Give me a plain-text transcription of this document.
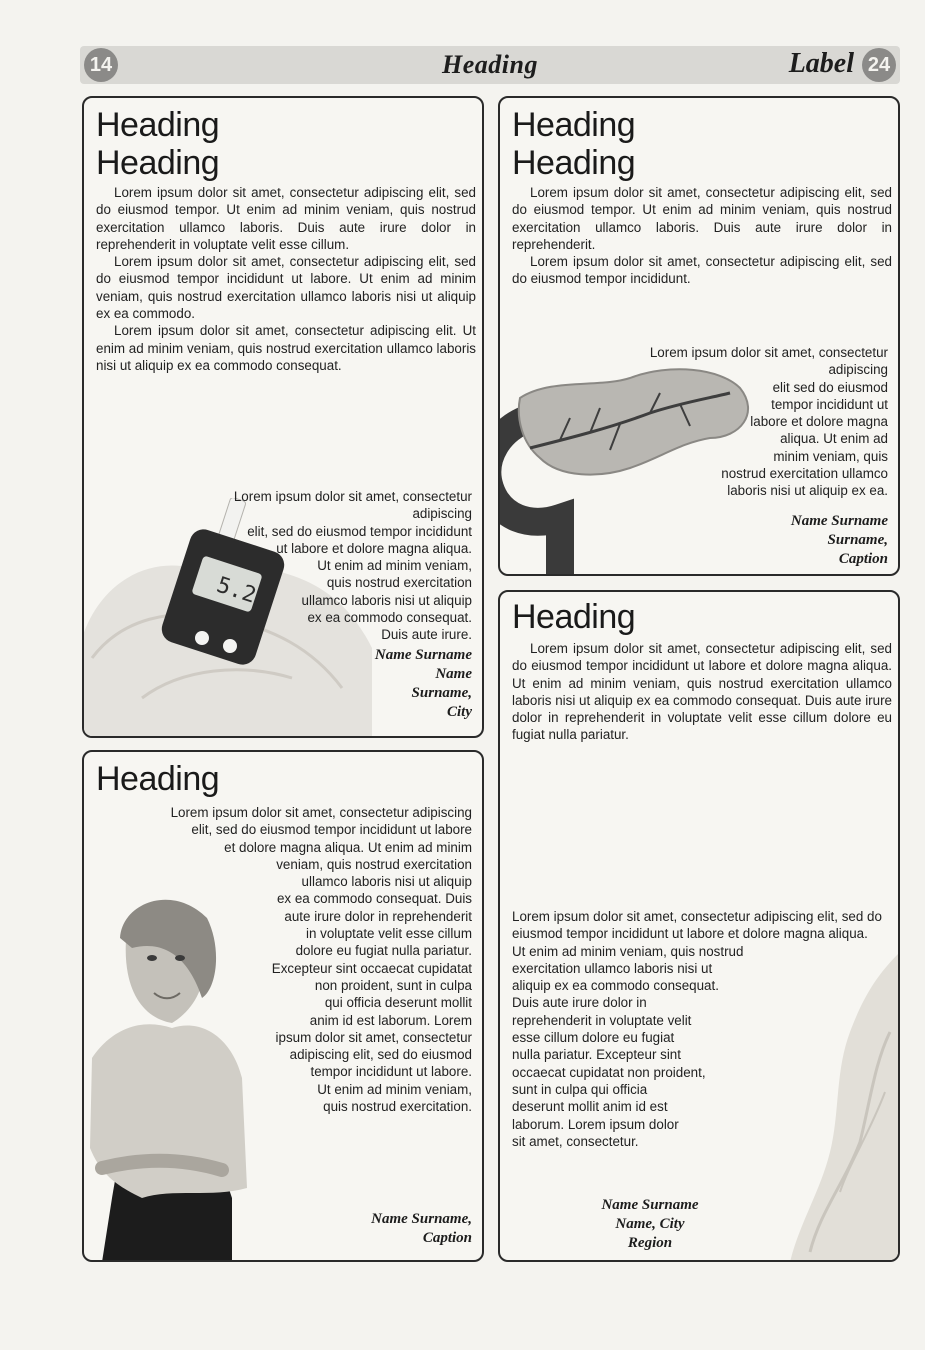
14	Heading	Label 24
5.2
Heading
Heading

Lorem ipsum dolor sit amet, consectetur adipiscing elit, sed do eiusmod tempor. Ut enim ad minim veniam, quis nostrud exercitation ullamco laboris. Duis aute irure dolor in reprehenderit in voluptate velit esse cillum.

Lorem ipsum dolor sit amet, consectetur adipiscing elit, sed do eiusmod tempor incididunt ut labore. Ut enim ad minim veniam, quis nostrud exercitation ullamco laboris nisi ut aliquip ex ea commodo.

Lorem ipsum dolor sit amet, consectetur adipiscing elit. Ut enim ad minim veniam, quis nostrud exercitation ullamco laboris nisi ut aliquip ex ea commodo consequat.

Lorem ipsum dolor sit amet, consectetur adipiscing

elit, sed do eiusmod tempor incididunt

ut labore et dolore magna aliqua.

Ut enim ad minim veniam,

quis nostrud exercitation

ullamco laboris nisi ut aliquip

ex ea commodo consequat.

Duis aute irure.

Name Surname

Name

Surname,

City

Heading
Heading

Lorem ipsum dolor sit amet, consectetur adipiscing elit, sed do eiusmod tempor. Ut enim ad minim veniam, quis nostrud exercitation ullamco laboris. Duis aute irure dolor in reprehenderit.

Lorem ipsum dolor sit amet, consectetur adipiscing elit, sed do eiusmod tempor incididunt.

Lorem ipsum dolor sit amet, consectetur adipiscing

elit sed do eiusmod

tempor incididunt ut

labore et dolore magna

aliqua. Ut enim ad

minim veniam, quis

nostrud exercitation ullamco

laboris nisi ut aliquip ex ea.

Name Surname

Surname,

Caption

Heading

Lorem ipsum dolor sit amet, consectetur adipiscing

elit, sed do eiusmod tempor incididunt ut labore

et dolore magna aliqua. Ut enim ad minim

veniam, quis nostrud exercitation

ullamco laboris nisi ut aliquip

ex ea commodo consequat. Duis

aute irure dolor in reprehenderit

in voluptate velit esse cillum

dolore eu fugiat nulla pariatur.

Excepteur sint occaecat cupidatat

non proident, sunt in culpa

qui officia deserunt mollit

anim id est laborum. Lorem

ipsum dolor sit amet, consectetur

adipiscing elit, sed do eiusmod

tempor incididunt ut labore.

Ut enim ad minim veniam,

quis nostrud exercitation.

Name Surname,

Caption

Heading

Lorem ipsum dolor sit amet, consectetur adipiscing elit, sed do eiusmod tempor incididunt ut labore et dolore magna aliqua. Ut enim ad minim veniam, quis nostrud exercitation ullamco laboris nisi ut aliquip ex ea commodo consequat. Duis aute irure dolor in reprehenderit in voluptate velit esse cillum dolore eu fugiat nulla pariatur.

Lorem ipsum dolor sit amet, consectetur adipiscing elit, sed do

eiusmod tempor incididunt ut labore et dolore magna aliqua.

Ut enim ad minim veniam, quis nostrud

exercitation ullamco laboris nisi ut

aliquip ex ea commodo consequat.

Duis aute irure dolor in

reprehenderit in voluptate velit

esse cillum dolore eu fugiat

nulla pariatur. Excepteur sint

occaecat cupidatat non proident,

sunt in culpa qui officia

deserunt mollit anim id est

laborum. Lorem ipsum dolor

sit amet, consectetur.

Name Surname

Name, City

Region
